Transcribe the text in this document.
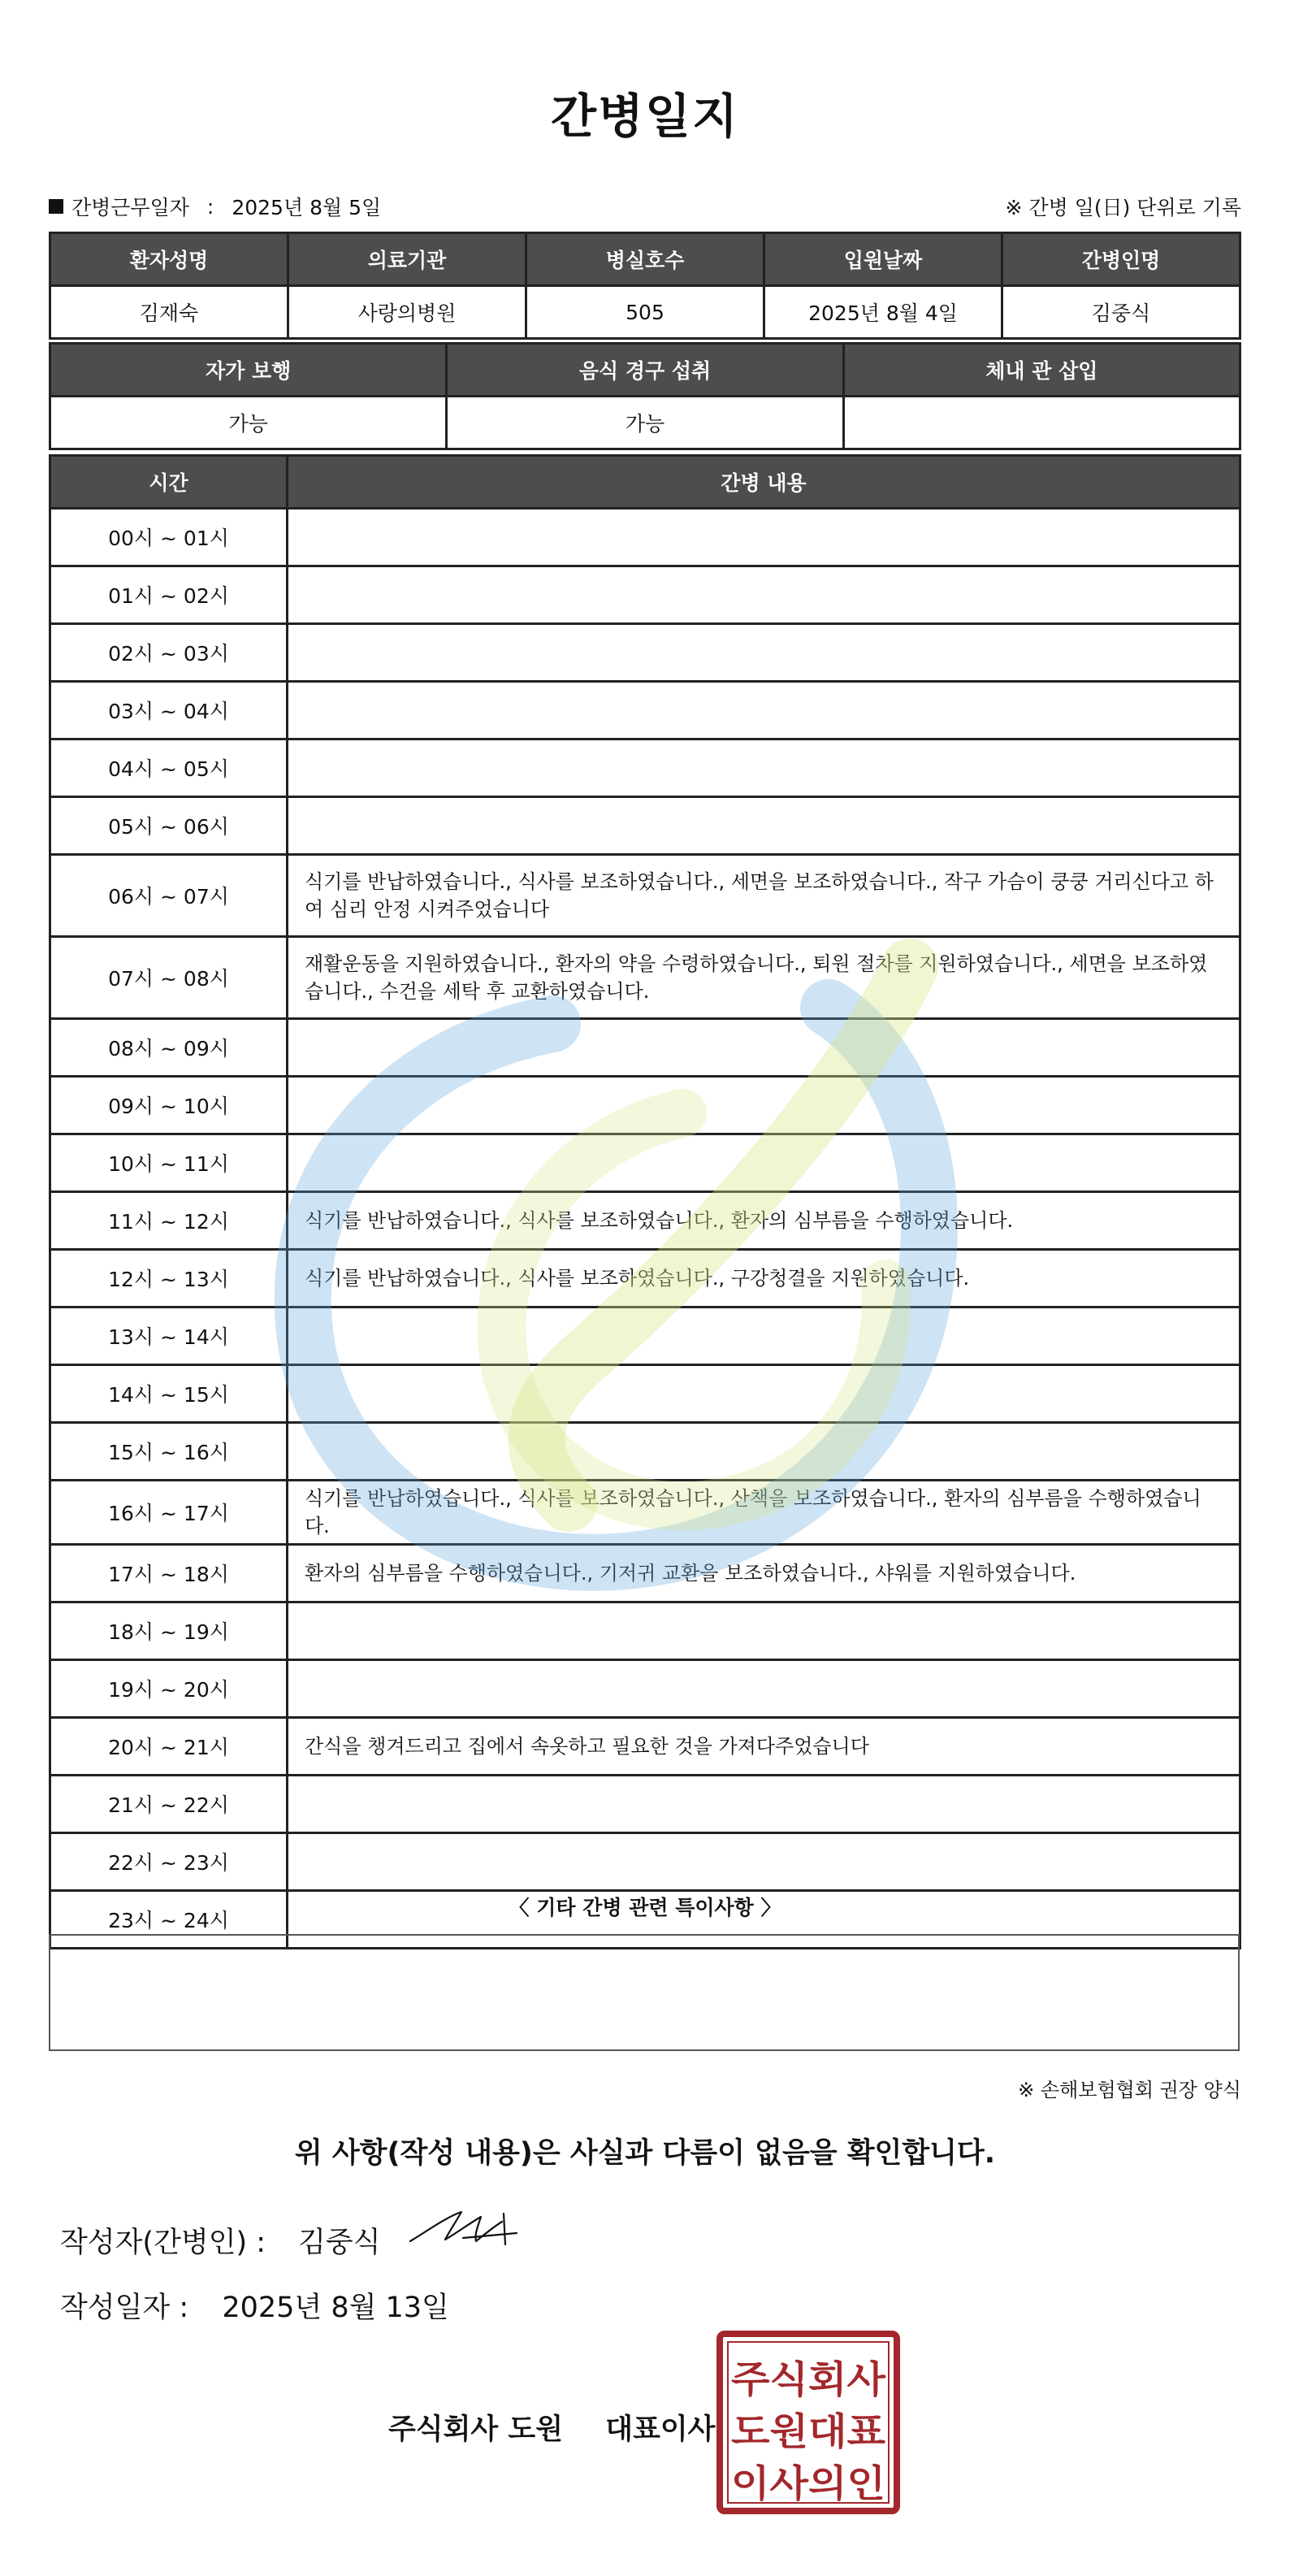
간병일지
간병근무일자 : 2025년 8월 5일	※ 간병 일(日) 단위로 기록
환자성명	의료기관	병실호수	입원날짜	간병인명
김재숙	사랑의병원	505	2025년 8월 4일	김중식
자가 보행	음식 경구 섭취	체내 관 삽입
가능	가능	
시간	간병 내용
00시 ~ 01시	
01시 ~ 02시	
02시 ~ 03시	
03시 ~ 04시	
04시 ~ 05시	
05시 ~ 06시	
06시 ~ 07시	식기를 반납하였습니다., 식사를 보조하였습니다., 세면을 보조하였습니다., 작구 가슴이 쿵쿵 거리신다고 하여 심리 안정 시켜주었습니다
07시 ~ 08시	재활운동을 지원하였습니다., 환자의 약을 수령하였습니다., 퇴원 절차를 지원하였습니다., 세면을 보조하였습니다., 수건을 세탁 후 교환하였습니다.
08시 ~ 09시	
09시 ~ 10시	
10시 ~ 11시	
11시 ~ 12시	식기를 반납하였습니다., 식사를 보조하였습니다., 환자의 심부름을 수행하였습니다.
12시 ~ 13시	식기를 반납하였습니다., 식사를 보조하였습니다., 구강청결을 지원하였습니다.
13시 ~ 14시	
14시 ~ 15시	
15시 ~ 16시	
16시 ~ 17시	식기를 반납하였습니다., 식사를 보조하였습니다., 산책을 보조하였습니다., 환자의 심부름을 수행하였습니다.
17시 ~ 18시	환자의 심부름을 수행하였습니다., 기저귀 교환을 보조하였습니다., 샤워를 지원하였습니다.
18시 ~ 19시	
19시 ~ 20시	
20시 ~ 21시	간식을 챙겨드리고 집에서 속옷하고 필요한 것을 가져다주었습니다
21시 ~ 22시	
22시 ~ 23시	
23시 ~ 24시	
〈 기타 간병 관련 특이사항 〉
※ 손해보험협회 권장 양식
위 사항(작성 내용)은 사실과 다름이 없음을 확인합니다.
작성자(간병인) : 김중식
작성일자 : 2025년 8월 13일
주식회사 도원 대표이사
주식회사
도원대표
이사의인
